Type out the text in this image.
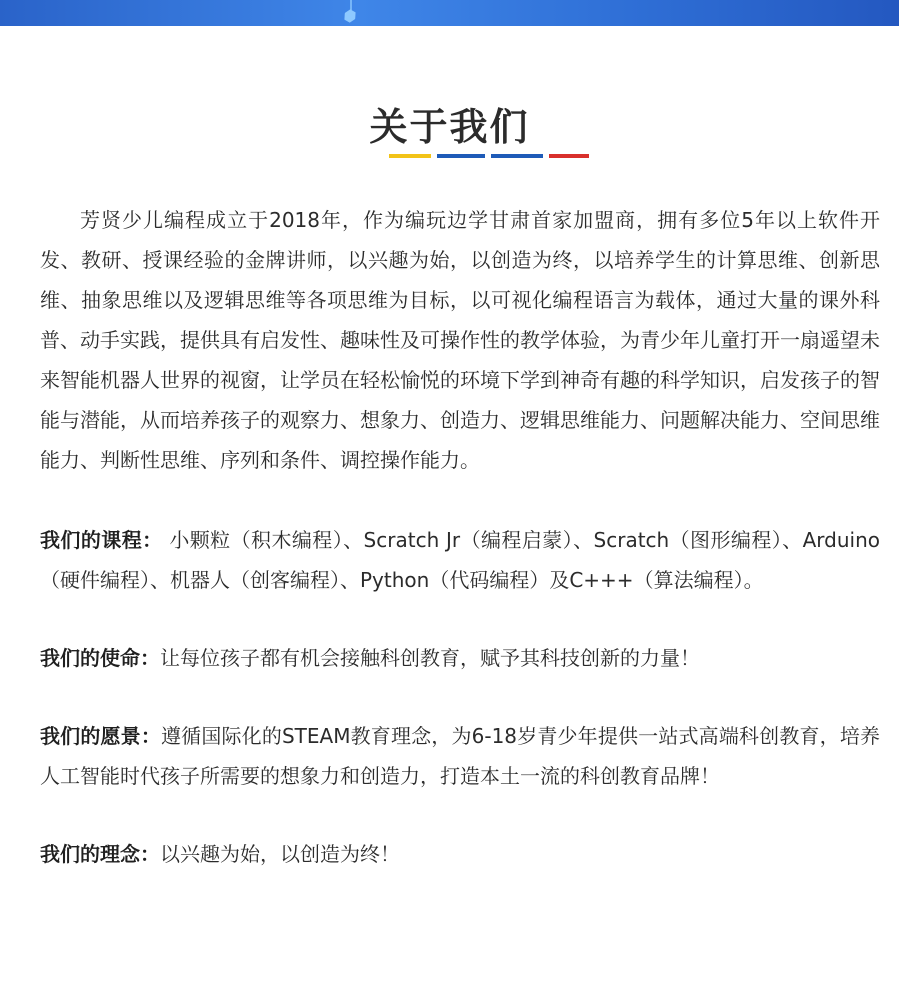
关于我们

芳贤少儿编程成立于2018年，作为编玩边学甘肃首家加盟商，拥有多位5年以上软件开发、教研、授课经验的金牌讲师，以兴趣为始，以创造为终，以培养学生的计算思维、创新思维、抽象思维以及逻辑思维等各项思维为目标，以可视化编程语言为载体，通过大量的课外科普、动手实践，提供具有启发性、趣味性及可操作性的教学体验，为青少年儿童打开一扇遥望未来智能机器人世界的视窗，让学员在轻松愉悦的环境下学到神奇有趣的科学知识，启发孩子的智能与潜能，从而培养孩子的观察力、想象力、创造力、逻辑思维能力、问题解决能力、空间思维能力、判断性思维、序列和条件、调控操作能力。

我们的课程： 小颗粒（积木编程）、Scratch Jr（编程启蒙）、Scratch（图形编程）、Arduino（硬件编程）、机器人（创客编程）、Python（代码编程）及C+++（算法编程）。

我们的使命：让每位孩子都有机会接触科创教育，赋予其科技创新的力量！

我们的愿景：遵循国际化的STEAM教育理念，为6-18岁青少年提供一站式高端科创教育，培养人工智能时代孩子所需要的想象力和创造力，打造本土一流的科创教育品牌！

我们的理念：以兴趣为始，以创造为终！
